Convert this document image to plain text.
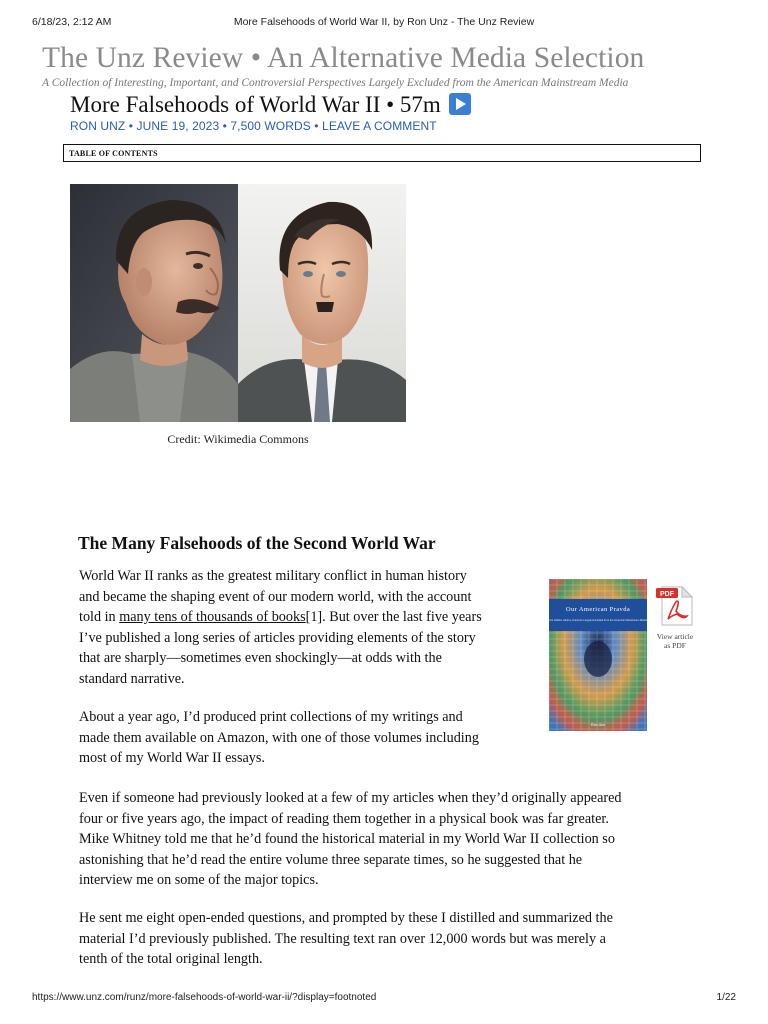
6/18/23, 2:12 AM	More Falsehoods of World War II, by Ron Unz - The Unz Review
The Unz Review • An Alternative Media Selection
A Collection of Interesting, Important, and Controversial Perspectives Largely Excluded from the American Mainstream Media
More Falsehoods of World War II • 57m
RON UNZ • JUNE 19, 2023 • 7,500 WORDS • LEAVE A COMMENT
TABLE OF CONTENTS
Credit: Wikimedia Commons
The Many Falsehoods of the Second World War

World War II ranks as the greatest military conflict in human history
and became the shaping event of our modern world, with the account
told in many tens of thousands of books[1]. But over the last five years
I’ve published a long series of articles providing elements of the story
that are sharply—sometimes even shockingly—at odds with the
standard narrative.

About a year ago, I’d produced print collections of my writings and
made them available on Amazon, with one of those volumes including
most of my World War II essays.

Even if someone had previously looked at a few of my articles when they’d originally appeared
four or five years ago, the impact of reading them together in a physical book was far greater.
Mike Whitney told me that he’d found the historical material in my World War II collection so
astonishing that he’d read the entire volume three separate times, so he suggested that he
interview me on some of the major topics.

He sent me eight open-ended questions, and prompted by these I distilled and summarized the
material I’d previously published. The resulting text ran over 12,000 words but was merely a
tenth of the total original length.

Our American Pravda
Our Hidden History of Events Largely Excluded from the American Mainstream Media
Ron Unz
PDF
View article
as PDF
https://www.unz.com/runz/more-falsehoods-of-world-war-ii/?display=footnoted	1/22
